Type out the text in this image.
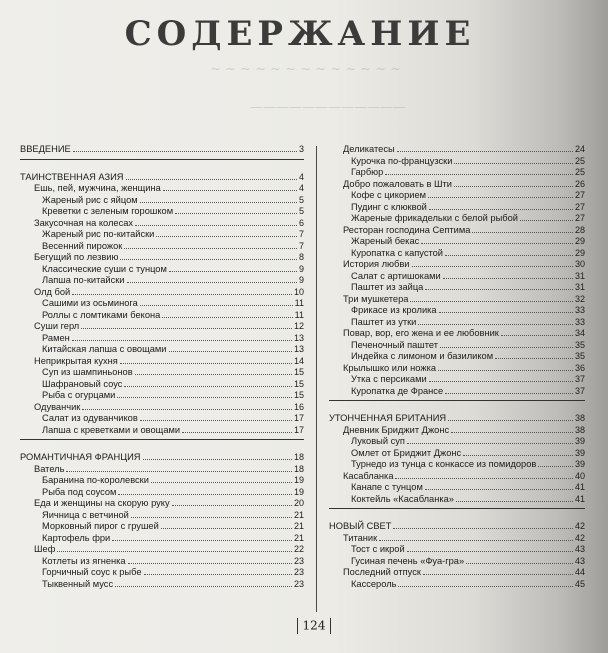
~ ~ ~ ~ ~ ~ ~ ~ ~ ~ ~ ~ ~
————————————
СОДЕРЖАНИЕ
ВВЕДЕНИЕ	3
ТАИНСТВЕННАЯ АЗИЯ	4
Ешь, пей, мужчина, женщина	4
Жареный рис с яйцом	5
Креветки с зеленым горошком	5
Закусочная на колесах	6
Жареный рис по-китайски	7
Весенний пирожок	7
Бегущий по лезвию	8
Классические суши с тунцом	9
Лапша по-китайски	9
Олд бой	10
Сашими из осьминога	11
Роллы с ломтиками бекона	11
Суши герл	12
Рамен	13
Китайская лапша с овощами	13
Неприкрытая кухня	14
Суп из шампиньонов	15
Шафрановый соус	15
Рыба с огурцами	15
Одуванчик	16
Салат из одуванчиков	17
Лапша с креветками и овощами	17
РОМАНТИЧНАЯ ФРАНЦИЯ	18
Ватель	18
Баранина по-королевски	19
Рыба под соусом	19
Еда и женщины на скорую руку	20
Яичница с ветчиной	21
Морковный пирог с грушей	21
Картофель фри	21
Шеф	22
Котлеты из ягненка	23
Горчичный соус к рыбе	23
Тыквенный мусс	23
Деликатесы	24
Курочка по-французски	25
Гарбюр	25
Добро пожаловать в Шти	26
Кофе с цикорием	27
Пудинг с клюквой	27
Жареные фрикадельки с белой рыбой	27
Ресторан господина Септима	28
Жареный бекас	29
Куропатка с капустой	29
История любви	30
Салат с артишоками	31
Паштет из зайца	31
Три мушкетера	32
Фрикасе из кролика	33
Паштет из утки	33
Повар, вор, его жена и ее любовник	34
Печеночный паштет	35
Индейка с лимоном и базиликом	35
Крылышко или ножка	36
Утка с персиками	37
Куропатка де Франсе	37
УТОНЧЕННАЯ БРИТАНИЯ	38
Дневник Бриджит Джонс	38
Луковый суп	39
Омлет от Бриджит Джонс	39
Турнедо из тунца с конкассе из помидоров	39
Касабланка	40
Канапе с тунцом	41
Коктейль «Касабланка»	41
НОВЫЙ СВЕТ	42
Титаник	42
Тост с икрой	43
Гусиная печень «Фуа-гра»	43
Последний отпуск	44
Кассероль	45
124
